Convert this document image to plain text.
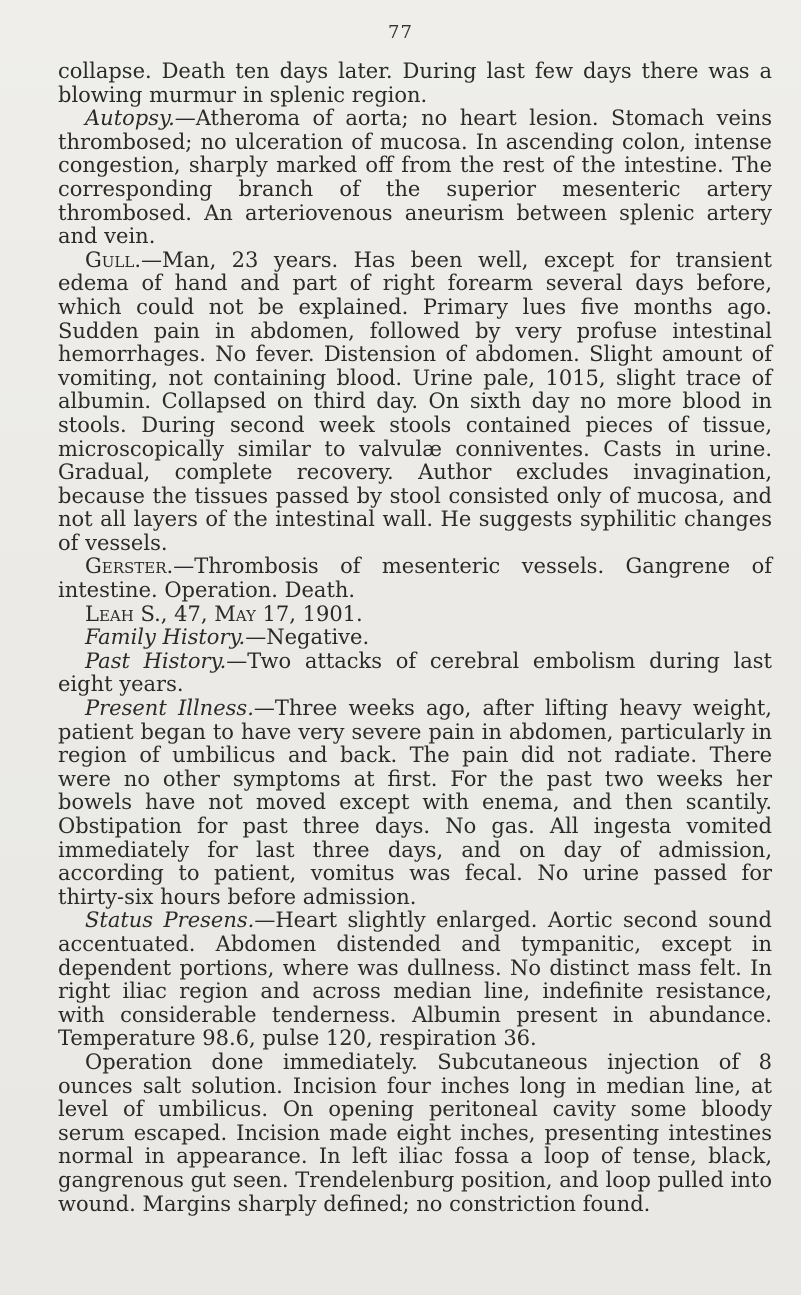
77

collapse. Death ten days later. During last few days there was a blowing murmur in splenic region.

Autopsy.—Atheroma of aorta; no heart lesion. Stomach veins thrombosed; no ulceration of mucosa. In ascending colon, intense congestion, sharply marked off from the rest of the intestine. The corresponding branch of the superior mesenteric artery thrombosed. An arteriovenous aneurism between splenic artery and vein.

Gull.—Man, 23 years. Has been well, except for transient edema of hand and part of right forearm several days before, which could not be explained. Primary lues five months ago. Sudden pain in abdomen, followed by very profuse intestinal hemorrhages. No fever. Distension of abdomen. Slight amount of vomiting, not containing blood. Urine pale, 1015, slight trace of albumin. Collapsed on third day. On sixth day no more blood in stools. During second week stools contained pieces of tissue, microscopically similar to valvulæ conniventes. Casts in urine. Gradual, complete recovery. Author excludes invagination, because the tissues passed by stool consisted only of mucosa, and not all layers of the intestinal wall. He suggests syphilitic changes of vessels.

Gerster.—Thrombosis of mesenteric vessels. Gangrene of intestine. Operation. Death.

Leah S., 47, May 17, 1901.

Family History.—Negative.

Past History.—Two attacks of cerebral embolism during last eight years.

Present Illness.—Three weeks ago, after lifting heavy weight, patient began to have very severe pain in abdomen, particularly in region of umbilicus and back. The pain did not radiate. There were no other symptoms at first. For the past two weeks her bowels have not moved except with enema, and then scantily. Obstipation for past three days. No gas. All ingesta vomited immediately for last three days, and on day of admission, according to patient, vomitus was fecal. No urine passed for thirty-six hours before admission.

Status Presens.—Heart slightly enlarged. Aortic second sound accentuated. Abdomen distended and tympanitic, except in dependent portions, where was dullness. No distinct mass felt. In right iliac region and across median line, indefinite resistance, with considerable tenderness. Albumin present in abundance. Temperature 98.6, pulse 120, respiration 36.

Operation done immediately. Subcutaneous injection of 8 ounces salt solution. Incision four inches long in median line, at level of umbilicus. On opening peritoneal cavity some bloody serum escaped. Incision made eight inches, presenting intestines normal in appearance. In left iliac fossa a loop of tense, black, gangrenous gut seen. Trendelenburg position, and loop pulled into wound. Margins sharply defined; no constriction found.
